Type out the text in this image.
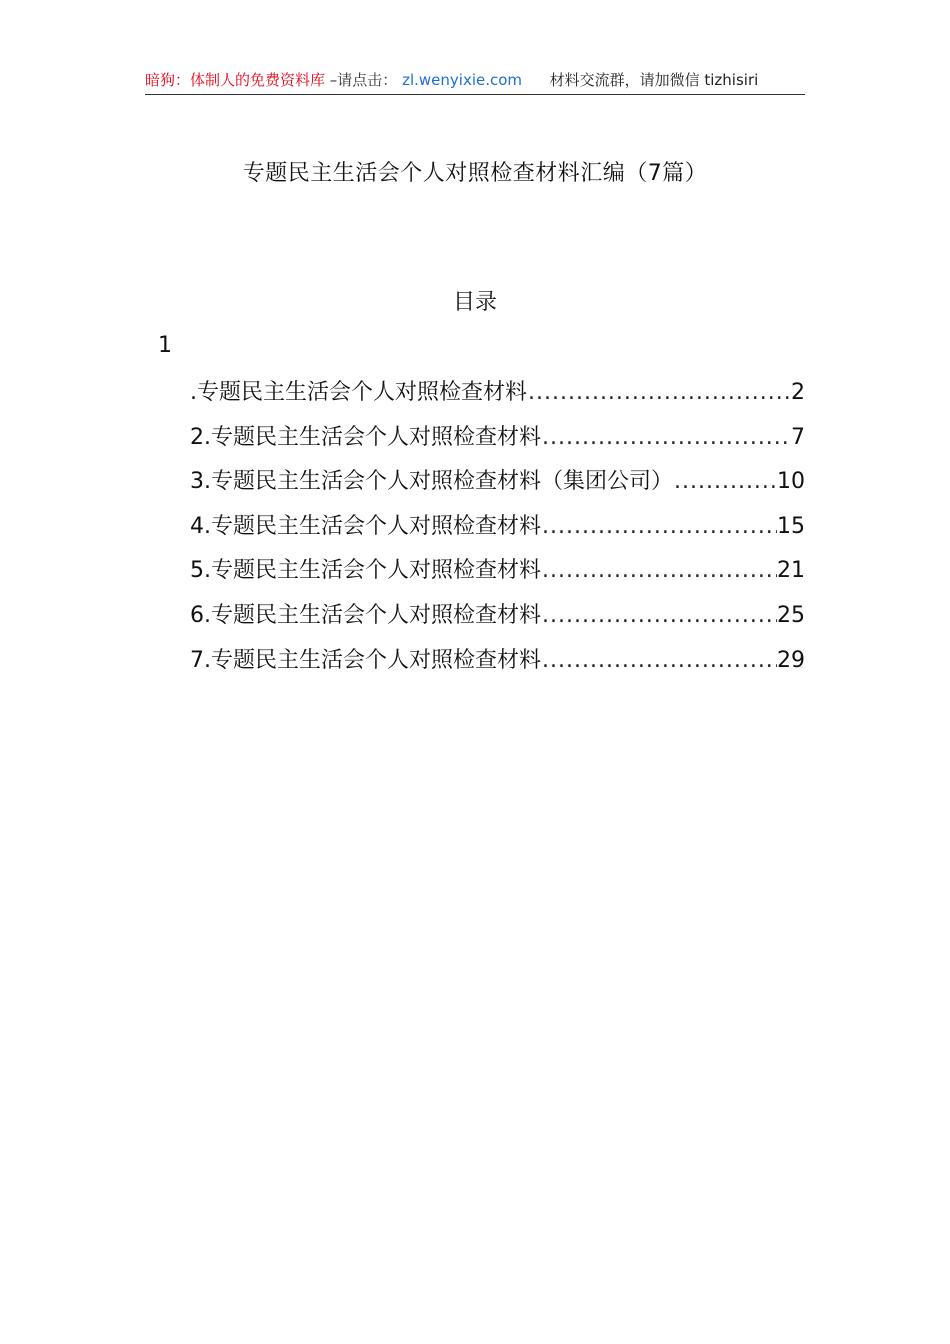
暗狗：体制人的免费资料库 –请点击： zl.wenyixie.com 材料交流群，请加微信 tizhisiri
专题民主生活会个人对照检查材料汇编（7篇）
目录
1
.专题民主生活会个人对照检查材料 .....	2
2.专题民主生活会个人对照检查材料 .....	7
3.专题民主生活会个人对照检查材料（集团公司） .....	10
4.专题民主生活会个人对照检查材料 .....	15
5.专题民主生活会个人对照检查材料 .....	21
6.专题民主生活会个人对照检查材料 .....	25
7.专题民主生活会个人对照检查材料 .....	29
